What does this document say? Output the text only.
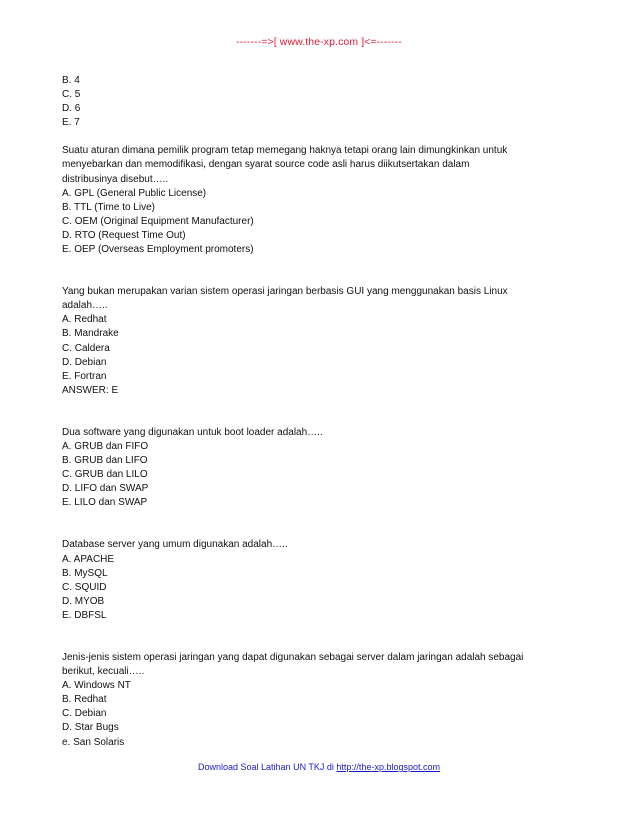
-------=>[ www.the-xp.com ]<=-------
B. 4
C. 5
D. 6
E. 7
Suatu aturan dimana pemilik program tetap memegang haknya tetapi orang lain dimungkinkan untuk
menyebarkan dan memodifikasi, dengan syarat source code asli harus diikutsertakan dalam
distribusinya disebut…..
A. GPL (General Public License)
B. TTL (Time to Live)
C. OEM (Original Equipment Manufacturer)
D. RTO (Request Time Out)
E. OEP (Overseas Employment promoters)
Yang bukan merupakan varian sistem operasi jaringan berbasis GUI yang menggunakan basis Linux
adalah…..
A. Redhat
B. Mandrake
C. Caldera
D. Debian
E. Fortran
ANSWER: E
Dua software yang digunakan untuk boot loader adalah…..
A. GRUB dan FIFO
B. GRUB dan LIFO
C. GRUB dan LILO
D. LIFO dan SWAP
E. LILO dan SWAP
Database server yang umum digunakan adalah…..
A. APACHE
B. MySQL
C. SQUID
D. MYOB
E. DBFSL
Jenis-jenis sistem operasi jaringan yang dapat digunakan sebagai server dalam jaringan adalah sebagai
berikut, kecuali…..
A. Windows NT
B. Redhat
C. Debian
D. Star Bugs
e. San Solaris
Download Soal Latihan UN TKJ di http://the-xp.blogspot.com
